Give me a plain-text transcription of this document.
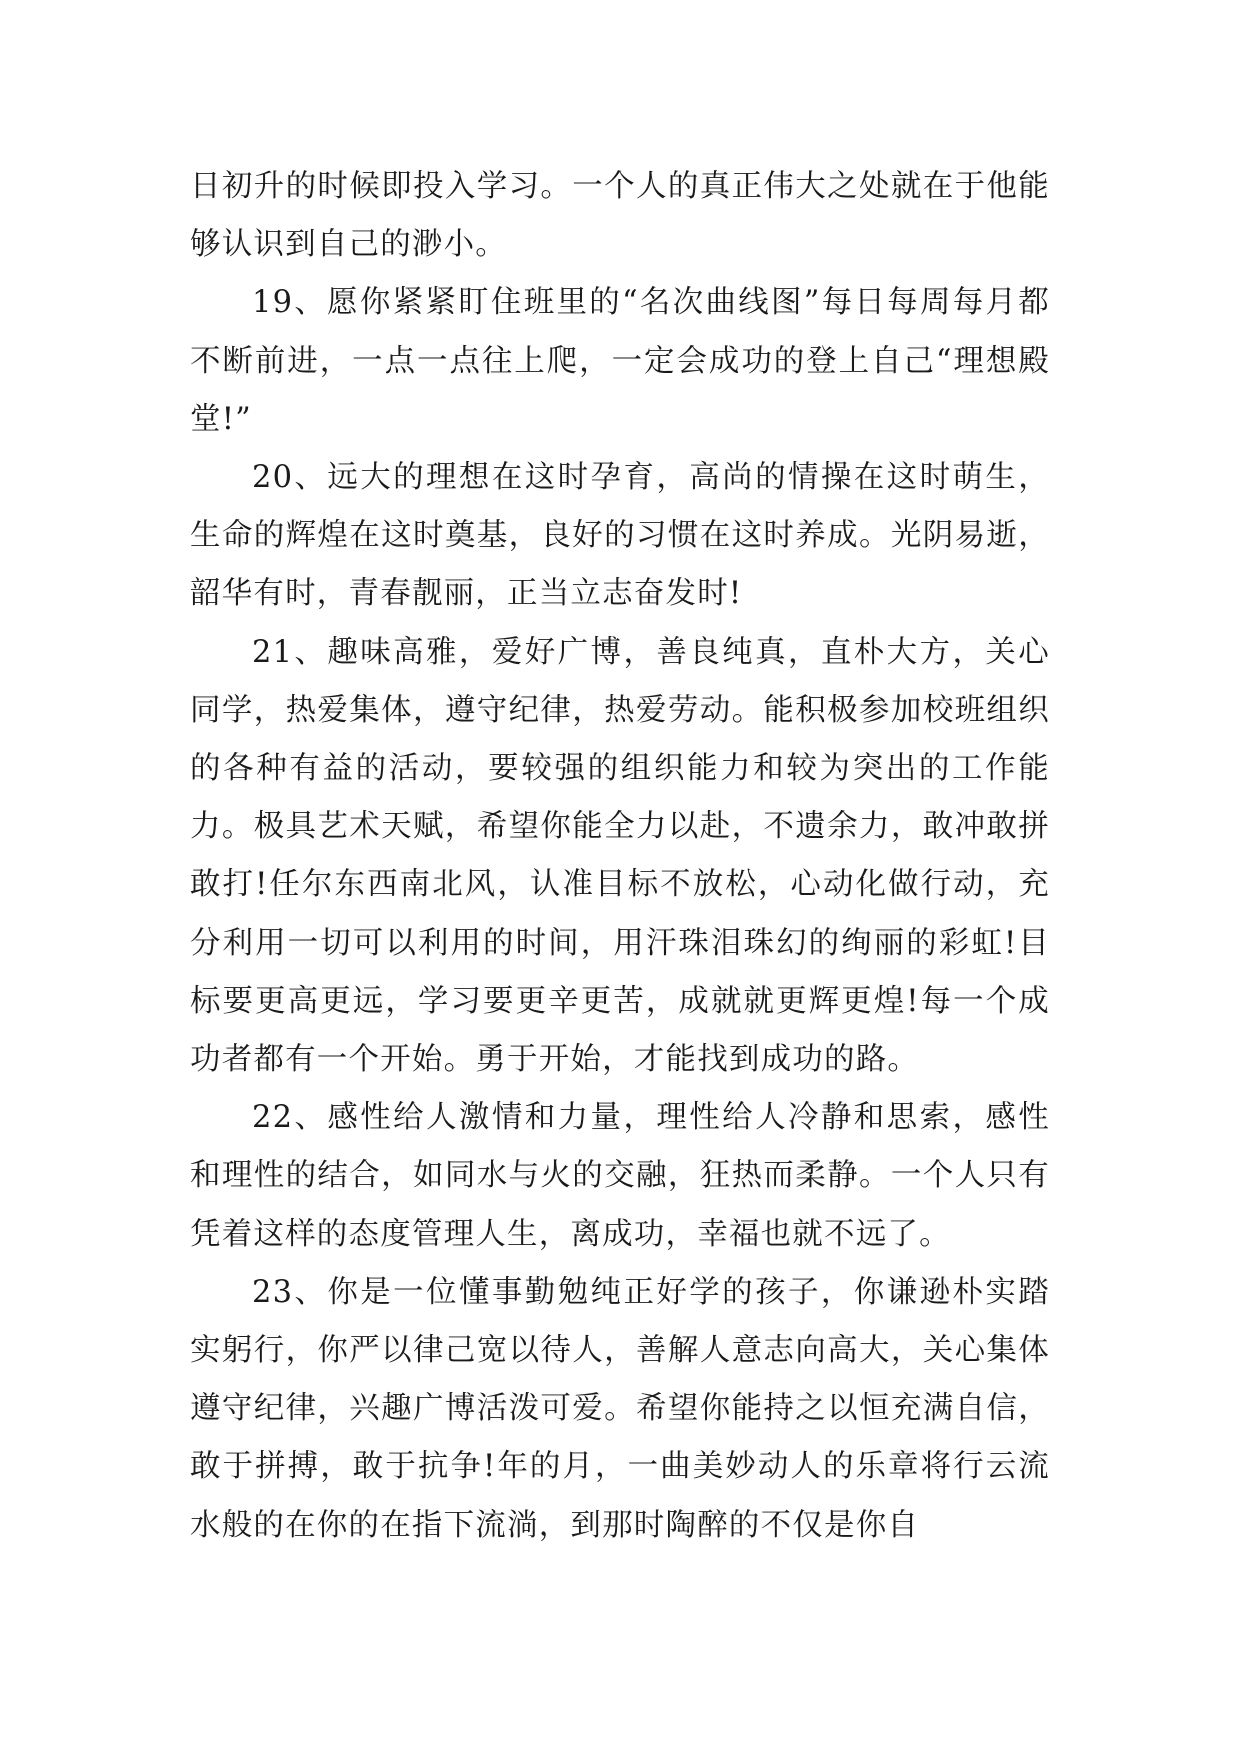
日初升的时候即投入学习。一个人的真正伟大之处就在于他能够认识到自己的渺小。

19、愿你紧紧盯住班里的“名次曲线图”每日每周每月都不断前进，一点一点往上爬，一定会成功的登上自己“理想殿堂!”

20、远大的理想在这时孕育，高尚的情操在这时萌生，生命的辉煌在这时奠基，良好的习惯在这时养成。光阴易逝，韶华有时，青春靓丽，正当立志奋发时!

21、趣味高雅，爱好广博，善良纯真，直朴大方，关心同学，热爱集体，遵守纪律，热爱劳动。能积极参加校班组织的各种有益的活动，要较强的组织能力和较为突出的工作能力。极具艺术天赋，希望你能全力以赴，不遗余力，敢冲敢拼敢打!任尔东西南北风，认准目标不放松，心动化做行动，充分利用一切可以利用的时间，用汗珠泪珠幻的绚丽的彩虹!目标要更高更远，学习要更辛更苦，成就就更辉更煌!每一个成功者都有一个开始。勇于开始，才能找到成功的路。

22、感性给人激情和力量，理性给人冷静和思索，感性和理性的结合，如同水与火的交融，狂热而柔静。一个人只有凭着这样的态度管理人生，离成功，幸福也就不远了。

23、你是一位懂事勤勉纯正好学的孩子，你谦逊朴实踏实躬行，你严以律己宽以待人，善解人意志向高大，关心集体遵守纪律，兴趣广博活泼可爱。希望你能持之以恒充满自信，敢于拼搏，敢于抗争!年的月，一曲美妙动人的乐章将行云流水般的在你的在指下流淌，到那时陶醉的不仅是你自
